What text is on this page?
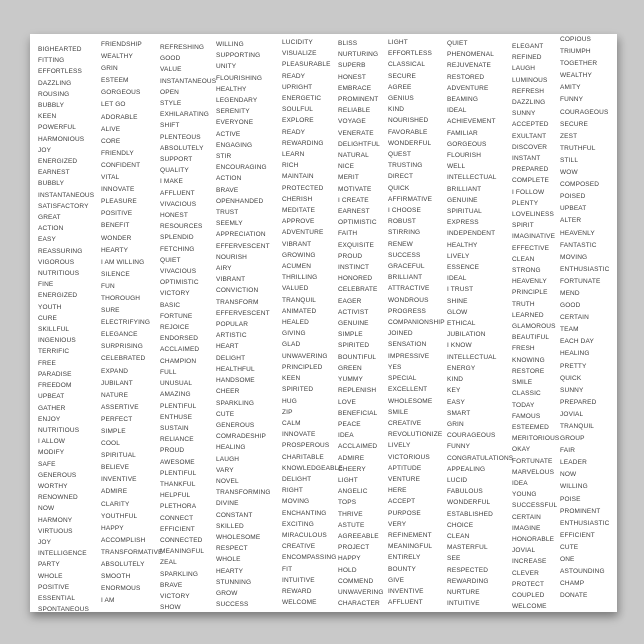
BIGHEARTED
FITTING
EFFORTLESS
DAZZLING
ROUSING
BUBBLY
KEEN
POWERFUL
HARMONIOUS
JOY
ENERGIZED
EARNEST
BUBBLY
INSTANTANEOUS
SATISFACTORY
GREAT
ACTION
EASY
REASSURING
VIGOROUS
NUTRITIOUS
FINE
ENERGIZED
YOUTH
CURE
SKILLFUL
INGENIOUS
TERRIFIC
FREE
PARADISE
FREEDOM
UPBEAT
GATHER
ENJOY
NUTRITIOUS
I ALLOW
MODIFY
SAFE
GENEROUS
WORTHY
RENOWNED
NOW
HARMONY
VIRTUOUS
JOY
INTELLIGENCE
PARTY
WHOLE
POSITIVE
ESSENTIAL
SPONTANEOUS
FRIENDSHIP
WEALTHY
GRIN
ESTEEM
GORGEOUS
LET GO
ADORABLE
ALIVE
CORE
FRIENDLY
CONFIDENT
VITAL
INNOVATE
PLEASURE
POSITIVE
BENEFIT
WONDER
HEARTY
I AM WILLING
SILENCE
FUN
THOROUGH
SURE
ELECTRIFYING
ELEGANCE
SURPRISING
CELEBRATED
EXPAND
JUBILANT
NATURE
ASSERTIVE
PERFECT
SIMPLE
COOL
SPIRITUAL
BELIEVE
INVENTIVE
ADMIRE
CLARITY
YOUTHFUL
HAPPY
ACCOMPLISH
TRANSFORMATIVE
ABSOLUTELY
SMOOTH
ENORMOUS
I AM
REFRESHING
GOOD
VALUE
INSTANTANEOUS
OPEN
STYLE
EXHILARATING
SHIFT
PLENTEOUS
ABSOLUTELY
SUPPORT
QUALITY
I MAKE
AFFLUENT
VIVACIOUS
HONEST
RESOURCES
SPLENDID
FETCHING
QUIET
VIVACIOUS
OPTIMISTIC
VICTORY
BASIC
FORTUNE
REJOICE
ENDORSED
ACCLAIMED
CHAMPION
FULL
UNUSUAL
AMAZING
PLENTIFUL
ENTHUSE
SUSTAIN
RELIANCE
PROUD
AWESOME
PLENTIFUL
THANKFUL
HELPFUL
PLETHORA
CONNECT
EFFICIENT
CONNECTED
MEANINGFUL
ZEAL
SPARKLING
BRAVE
VICTORY
SHOW
WILLING
SUPPORTING
UNITY
FLOURISHING
HEALTHY
LEGENDARY
SERENITY
EVERYONE
ACTIVE
ENGAGING
STIR
ENCOURAGING
ACTION
BRAVE
OPENHANDED
TRUST
SEEMLY
APPRECIATION
EFFERVESCENT
NOURISH
AIRY
VIBRANT
CONVICTION
TRANSFORM
EFFERVESCENT
POPULAR
ARTISTIC
HEART
DELIGHT
HEALTHFUL
HANDSOME
CHEER
SPARKLING
CUTE
GENEROUS
COMRADESHIP
HEALING
LAUGH
VARY
NOVEL
TRANSFORMING
DIVINE
CONSTANT
SKILLED
WHOLESOME
RESPECT
WHOLE
HEARTY
STUNNING
GROW
SUCCESS
LUCIDITY
VISUALIZE
PLEASURABLE
READY
UPRIGHT
ENERGETIC
SOULFUL
EXPLORE
READY
REWARDING
LEARN
RICH
MAINTAIN
PROTECTED
CHERISH
MEDITATE
APPROVE
ADVENTURE
VIBRANT
GROWING
ACUMEN
THRILLING
VALUED
TRANQUIL
ANIMATED
HEALED
GIVING
GLAD
UNWAVERING
PRINCIPLED
KEEN
SPIRITED
HUG
ZIP
CALM
INNOVATE
PROSPEROUS
CHARITABLE
KNOWLEDGEABLE
DELIGHT
RIGHT
MOVING
ENCHANTING
EXCITING
MIRACULOUS
CREATIVE
ENCOMPASSING
FIT
INTUITIVE
REWARD
WELCOME
BLISS
NURTURING
SUPERB
HONEST
EMBRACE
PROMINENT
RELIABLE
VOYAGE
VENERATE
DELIGHTFUL
NATURAL
NICE
MERIT
MOTIVATE
I CREATE
EARNEST
OPTIMISTIC
FAITH
EXQUISITE
PROUD
INSTINCT
HONORED
CELEBRATE
EAGER
ACTIVIST
GENUINE
SIMPLE
SPIRITED
BOUNTIFUL
GREEN
YUMMY
REPLENISH
LOVE
BENEFICIAL
PEACE
IDEA
ACCLAIMED
ADMIRE
CHEERY
LIGHT
ANGELIC
TOPS
THRIVE
ASTUTE
AGREEABLE
PROJECT
HAPPY
HOLD
COMMEND
UNWAVERING
CHARACTER
LIGHT
EFFORTLESS
CLASSICAL
SECURE
AGREE
GENIUS
KIND
NOURISHED
FAVORABLE
WONDERFUL
QUEST
TRUSTING
DIRECT
QUICK
AFFIRMATIVE
I CHOOSE
ROBUST
STIRRING
RENEW
SUCCESS
GRACEFUL
BRILLIANT
ATTRACTIVE
WONDROUS
PROGRESS
COMPANIONSHIP
JOINED
SENSATION
IMPRESSIVE
YES
SPECIAL
EXCELLENT
WHOLESOME
SMILE
CREATIVE
REVOLUTIONIZE
LIVELY
VICTORIOUS
APTITUDE
VENTURE
HERE
ACCEPT
PURPOSE
VERY
REFINEMENT
MEANINGFUL
ENTIRELY
BOUNTY
GIVE
INVENTIVE
AFFLUENT
QUIET
PHENOMENAL
REJUVENATE
RESTORED
ADVENTURE
BEAMING
IDEAL
ACHIEVEMENT
FAMILIAR
GORGEOUS
FLOURISH
WELL
INTELLECTUAL
BRILLIANT
GENUINE
SPIRITUAL
EXPRESS
INDEPENDENT
HEALTHY
LIVELY
ESSENCE
IDEAL
I TRUST
SHINE
GLOW
ETHICAL
JUBILATION
I KNOW
INTELLECTUAL
ENERGY
KIND
KEY
EASY
SMART
GRIN
COURAGEOUS
FUNNY
CONGRATULATIONS
APPEALING
LUCID
FABULOUS
WONDERFUL
ESTABLISHED
CHOICE
CLEAN
MASTERFUL
SEE
RESPECTED
REWARDING
NURTURE
INTUITIVE
ELEGANT
REFINED
LAUGH
LUMINOUS
REFRESH
DAZZLING
SUNNY
ACCEPTED
EXULTANT
DISCOVER
INSTANT
PREPARED
COMPLETE
I FOLLOW
PLENTY
LOVELINESS
SPIRIT
IMAGINATIVE
EFFECTIVE
CLEAN
STRONG
HEAVENLY
PRINCIPLE
TRUTH
LEARNED
GLAMOROUS
BEAUTIFUL
FRESH
KNOWING
RESTORE
SMILE
CLASSIC
TODAY
FAMOUS
ESTEEMED
MERITORIOUS
OKAY
FORTUNATE
MARVELOUS
IDEA
YOUNG
SUCCESSFUL
CERTAIN
IMAGINE
HONORABLE
JOVIAL
INCREASE
CLEVER
PROTECT
COUPLED
WELCOME
COPIOUS
TRIUMPH
TOGETHER
WEALTHY
AMITY
FUNNY
COURAGEOUS
SECURE
ZEST
TRUTHFUL
STILL
WOW
COMPOSED
POISED
UPBEAT
ALTER
HEAVENLY
FANTASTIC
MOVING
ENTHUSIASTIC
FORTUNATE
MEND
GOOD
CERTAIN
TEAM
EACH DAY
HEALING
PRETTY
QUICK
SUNNY
PREPARED
JOVIAL
TRANQUIL
GROUP
FAIR
LEADER
NOW
WILLING
POISE
PROMINENT
ENTHUSIASTIC
EFFICIENT
CUTE
ONE
ASTOUNDING
CHAMP
DONATE
